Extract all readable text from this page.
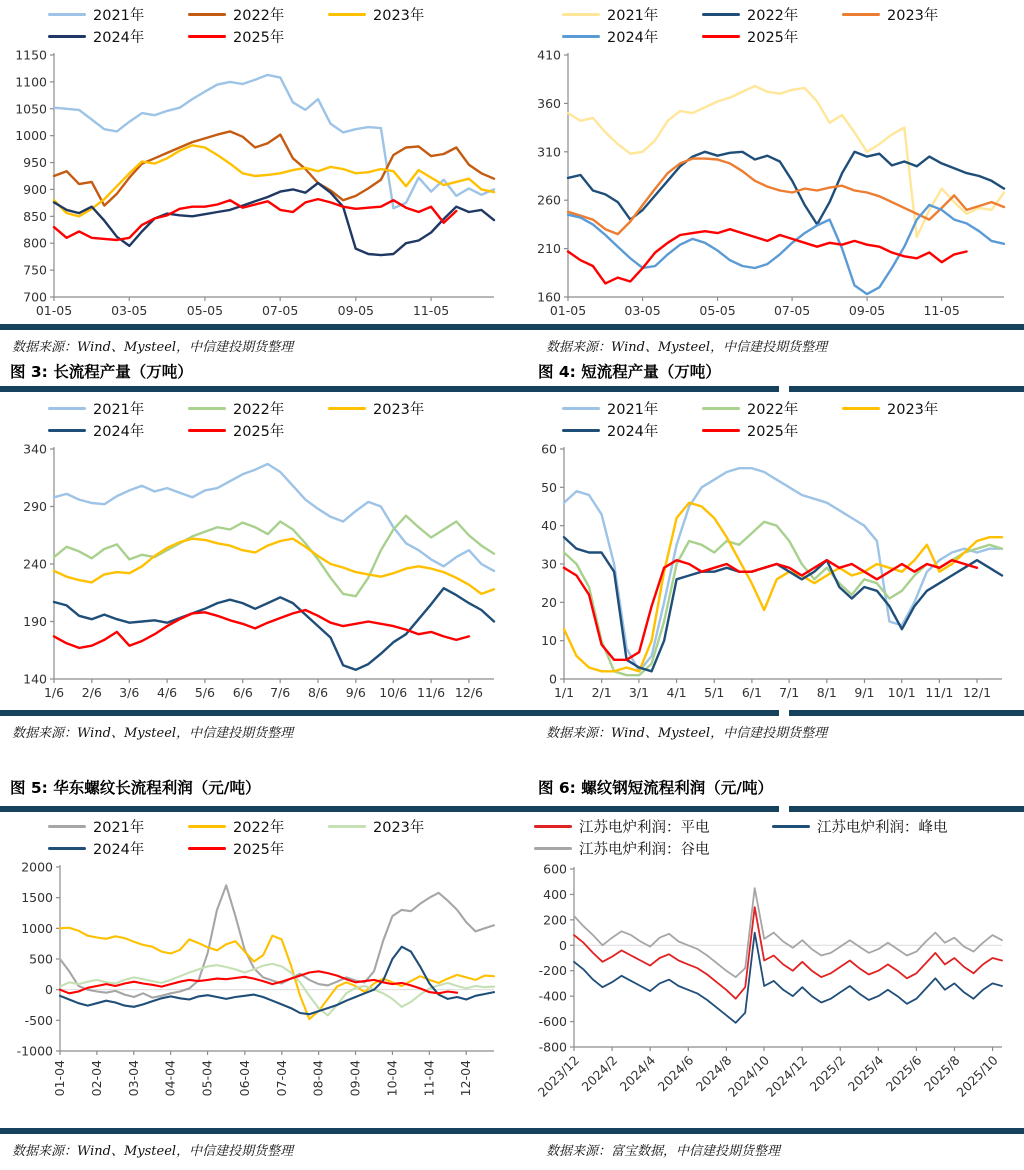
2021年	2022年	2023年
2024年	2025年
700
750
800
850
900
950
1000
1050
1100
1150
01-05	03-05	05-05	07-05	09-05	11-05
2021年	2022年	2023年
2024年	2025年
160
210
260
310
360
410
01-05	03-05	05-05	07-05	09-05	11-05
数据来源：Wind、Mysteel，中信建投期货整理	数据来源：Wind、Mysteel，中信建投期货整理
图 3: 长流程产量（万吨）	图 4: 短流程产量（万吨）
2021年	2022年	2023年
2024年	2025年
140
190
240
290
340
1/6 2/6 3/6 4/6 5/6 6/6 7/6 8/6 9/6 10/6 11/6 12/6
2021年	2022年	2023年
2024年	2025年
0
10
20
30
40
50
60
1/1 2/1 3/1 4/1 5/1 6/1 7/1 8/1 9/1 10/1 11/1 12/1
数据来源：Wind、Mysteel，中信建投期货整理	数据来源：Wind、Mysteel，中信建投期货整理
图 5: 华东螺纹长流程利润（元/吨）	图 6: 螺纹钢短流程利润（元/吨）
2021年	2022年	2023年
2024年	2025年
-1000
-500
0
500
1000
1500
2000
01-04 02-04 03-04 04-04 05-04 06-04 07-04 08-04 09-04 10-04 11-04 12-04
江苏电炉利润：平电	江苏电炉利润：峰电
江苏电炉利润：谷电
-800
-600
-400
-200
0
200
400
600
2023/12
2024/2
2024/4
2024/6
2024/8
2024/10
2024/12
2025/2
2025/4
2025/6
2025/8
2025/10
数据来源：Wind、Mysteel，中信建投期货整理	数据来源：富宝数据，中信建投期货整理
